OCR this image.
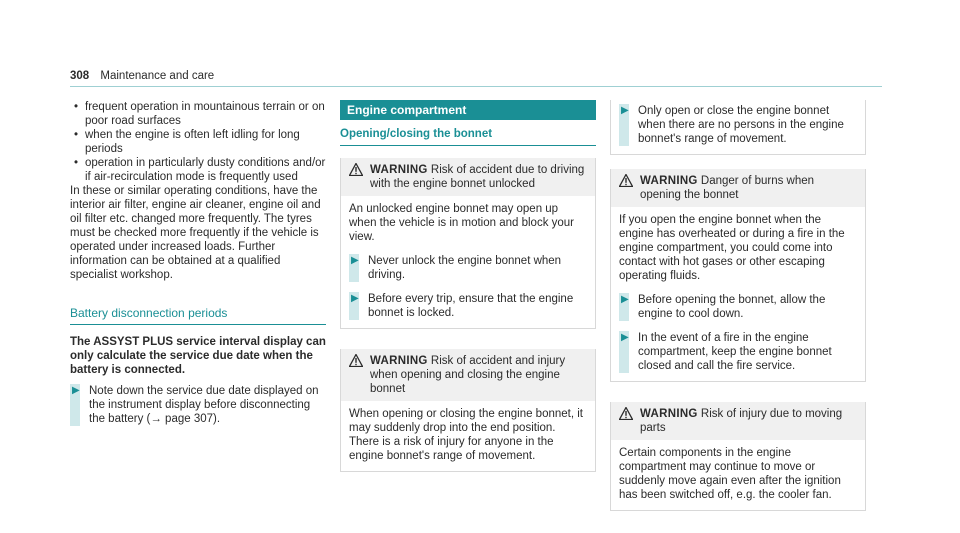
308 Maintenance and care
• frequent operation in mountainous terrain or on poor road surfaces
• when the engine is often left idling for long periods
• operation in particularly dusty conditions and/or if air-recirculation mode is frequently used

In these or similar operating conditions, have the interior air filter, engine air cleaner, engine oil and oil filter etc. changed more frequently. The tyres must be checked more frequently if the vehicle is operated under increased loads. Further information can be obtained at a qualified specialist workshop.

Battery disconnection periods
The ASSYST PLUS service interval display can only calculate the service due date when the battery is connected.
▶ Note down the service due date displayed on the instrument display before disconnecting the battery (→ page 307).
Engine compartment
Opening/closing the bonnet
WARNING Risk of accident due to driving with the engine bonnet unlocked

An unlocked engine bonnet may open up when the vehicle is in motion and block your view.

▶ Never unlock the engine bonnet when driving.
▶ Before every trip, ensure that the engine bonnet is locked.
WARNING Risk of accident and injury when opening and closing the engine bonnet

When opening or closing the engine bonnet, it may suddenly drop into the end position.

There is a risk of injury for anyone in the engine bonnet's range of movement.

▶ Only open or close the engine bonnet when there are no persons in the engine bonnet's range of movement.
WARNING Danger of burns when opening the bonnet

If you open the engine bonnet when the engine has overheated or during a fire in the engine compartment, you could come into contact with hot gases or other escaping operating fluids.

▶ Before opening the bonnet, allow the engine to cool down.
▶ In the event of a fire in the engine compartment, keep the engine bonnet closed and call the fire service.
WARNING Risk of injury due to moving parts

Certain components in the engine compartment may continue to move or suddenly move again even after the ignition has been switched off, e.g. the cooler fan.
